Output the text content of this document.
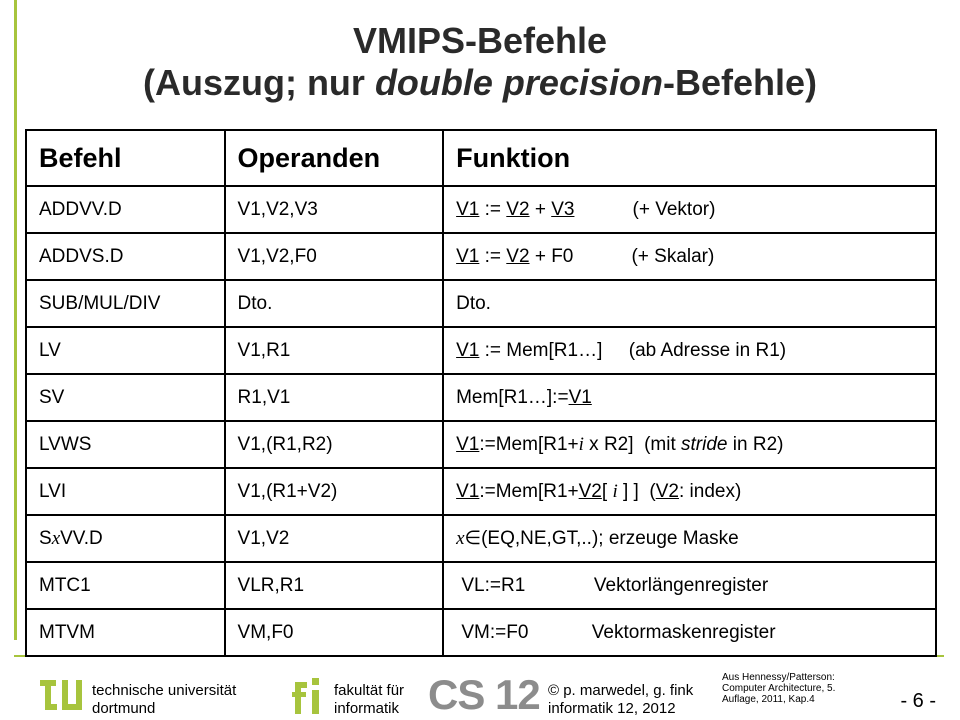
VMIPS-Befehle
(Auszug; nur double precision-Befehle)
Befehl	Operanden	Funktion
ADDVV.D	V1,V2,V3	V1 := V2 + V3           (+ Vektor)
ADDVS.D	V1,V2,F0	V1 := V2 + F0           (+ Skalar)
SUB/MUL/DIV	Dto.	Dto.
LV	V1,R1	V1 := Mem[R1…]     (ab Adresse in R1)
SV	R1,V1	Mem[R1…]:=V1
LVWS	V1,(R1,R2)	V1:=Mem[R1+i x R2]  (mit stride in R2)
LVI	V1,(R1+V2)	V1:=Mem[R1+V2[ i ] ]  (V2: index)
SxVV.D	V1,V2	x∈(EQ,NE,GT,..); erzeuge Maske
MTC1	VLR,R1	VL:=R1             Vektorlängenregister
MTVM	VM,F0	VM:=F0            Vektormaskenregister
technische universität
dortmund
fakultät für
informatik CS 12 © p. marwedel, g. fink
informatik 12, 2012
Aus Hennessy/Patterson:
Computer Architecture, 5.
Auflage, 2011, Kap.4	- 6 -
